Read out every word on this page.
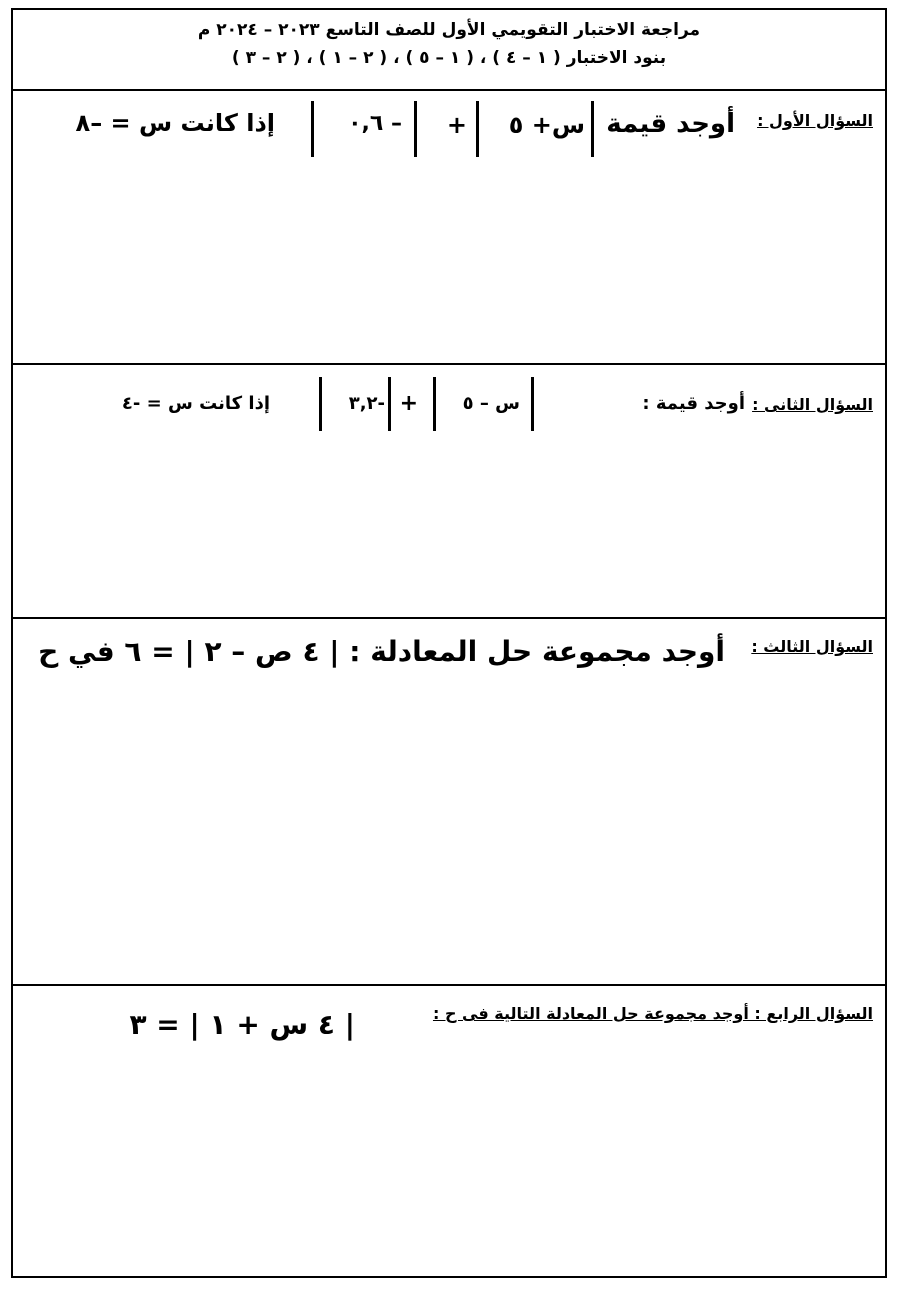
مراجعة الاختبار التقويمي الأول للصف التاسع ٢٠٢٣ – ٢٠٢٤ م
بنود الاختبار ( ١ – ٤ ) ، ( ١ – ٥ ) ، ( ٢ – ١ ) ، ( ٢ – ٣ )
السؤال الأول :
أوجد قيمة
س+ ٥
+
– ٠,٦
إذا كانت س = –٨
السؤال الثانى :
أوجد قيمة :
س – ٥
+
-٣,٢
إذا كانت س = -٤
السؤال الثالث :
أوجد مجموعة حل المعادلة : | ٤ ص – ٢ | = ٦ في ح
السؤال الرابع : أوجد مجموعة حل المعادلة التالية فى ح :
| ٤ س + ١ | = ٣
